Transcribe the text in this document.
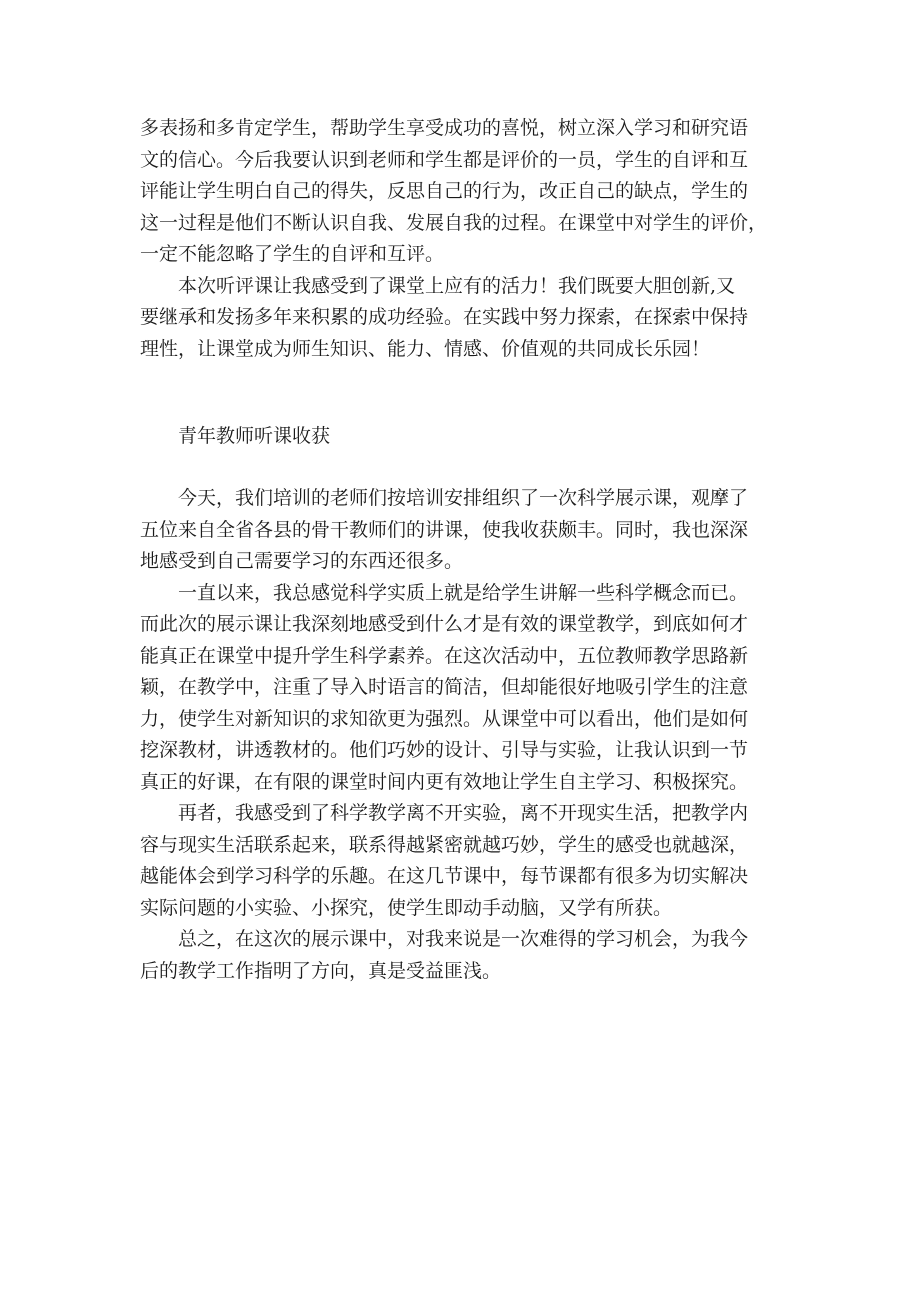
多表扬和多肯定学生，帮助学生享受成功的喜悦，树立深入学习和研究语
文的信心。今后我要认识到老师和学生都是评价的一员，学生的自评和互
评能让学生明白自己的得失，反思自己的行为，改正自己的缺点，学生的
这一过程是他们不断认识自我、发展自我的过程。在课堂中对学生的评价，
一定不能忽略了学生的自评和互评。
本次听评课让我感受到了课堂上应有的活力！我们既要大胆创新,又
要继承和发扬多年来积累的成功经验。在实践中努力探索，在探索中保持
理性，让课堂成为师生知识、能力、情感、价值观的共同成长乐园！
青年教师听课收获
今天，我们培训的老师们按培训安排组织了一次科学展示课，观摩了
五位来自全省各县的骨干教师们的讲课，使我收获颇丰。同时，我也深深
地感受到自己需要学习的东西还很多。
一直以来，我总感觉科学实质上就是给学生讲解一些科学概念而已。
而此次的展示课让我深刻地感受到什么才是有效的课堂教学，到底如何才
能真正在课堂中提升学生科学素养。在这次活动中，五位教师教学思路新
颖，在教学中，注重了导入时语言的简洁，但却能很好地吸引学生的注意
力，使学生对新知识的求知欲更为强烈。从课堂中可以看出，他们是如何
挖深教材，讲透教材的。他们巧妙的设计、引导与实验，让我认识到一节
真正的好课，在有限的课堂时间内更有效地让学生自主学习、积极探究。
再者，我感受到了科学教学离不开实验，离不开现实生活，把教学内
容与现实生活联系起来，联系得越紧密就越巧妙，学生的感受也就越深，
越能体会到学习科学的乐趣。在这几节课中，每节课都有很多为切实解决
实际问题的小实验、小探究，使学生即动手动脑，又学有所获。
总之，在这次的展示课中，对我来说是一次难得的学习机会，为我今
后的教学工作指明了方向，真是受益匪浅。
